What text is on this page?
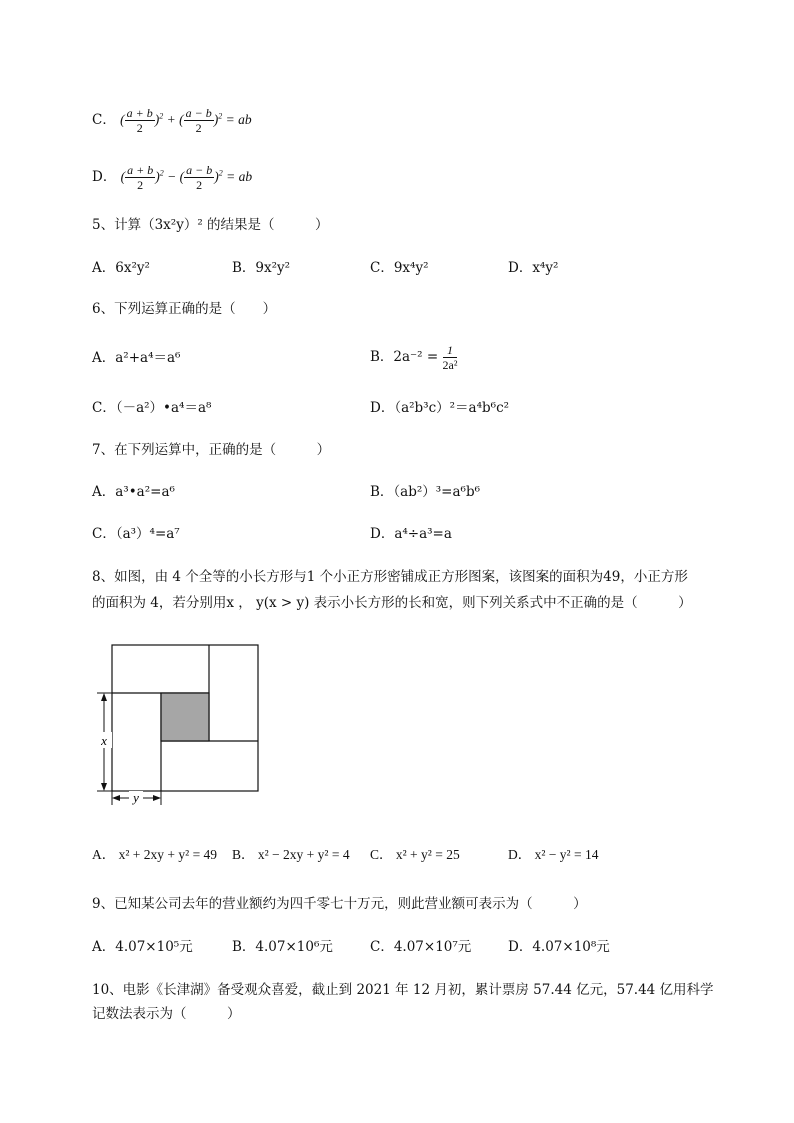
C． ( $\frac{a + b}{2} )^2$ + ( $\frac{a - b}{2} )^2$ = ab
D． ( $\frac{a + b}{2} )^2$ − ( $\frac{a - b}{2} )^2$ = ab
5、计算（3x²y）² 的结果是（　　　）
A．6x²y²	B．9x²y²	C．9x⁴y²	D．x⁴y²
6、下列运算正确的是（　　）
A．a²+a⁴＝a⁶	B．$2a^{-2} = \frac{1}{\text{2a²}}$
C．（－a²）•a⁴＝a⁸	D．（a²b³c）²＝a⁴b⁶c²
7、在下列运算中，正确的是（　　　）
A．a³•a²=a⁶	B．（ab²）³=a⁶b⁶
C．（a³）⁴=a⁷	D．a⁴÷a³=a
8、如图，由 4 个全等的小长方形与1 个小正方形密铺成正方形图案，该图案的面积为49，小正方形
的面积为 4，若分别用x ， y(x > y) 表示小长方形的长和宽，则下列关系式中不正确的是（　　　）
x
y
A． x² + 2xy + y² = 49 B． x² − 2xy + y² = 4 C． x² + y² = 25	D． x² − y² = 14
9、已知某公司去年的营业额约为四千零七十万元，则此营业额可表示为（　　　）
A．4.07×10⁵元	B．4.07×10⁶元	C．4.07×10⁷元	D．4.07×10⁸元
10、电影《长津湖》备受观众喜爱，截止到 2021 年 12 月初，累计票房 57.44 亿元，57.44 亿用科学
记数法表示为（　　　）
